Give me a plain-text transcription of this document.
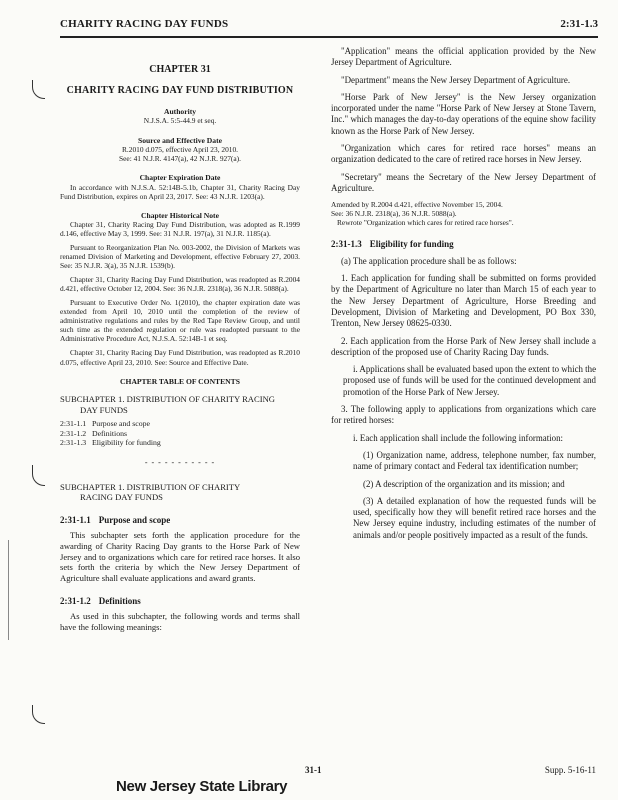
CHARITY RACING DAY FUNDS	2:31-1.3
CHAPTER 31
CHARITY RACING DAY FUND DISTRIBUTION
Authority

N.J.S.A. 5:5-44.9 et seq.

Source and Effective Date

R.2010 d.075, effective April 23, 2010.

See: 41 N.J.R. 4147(a), 42 N.J.R. 927(a).

Chapter Expiration Date

In accordance with N.J.S.A. 52:14B-5.1b, Chapter 31, Charity Racing Day Fund Distribution, expires on April 23, 2017. See: 43 N.J.R. 1203(a).

Chapter Historical Note

Chapter 31, Charity Racing Day Fund Distribution, was adopted as R.1999 d.146, effective May 3, 1999. See: 31 N.J.R. 197(a), 31 N.J.R. 1185(a).

Pursuant to Reorganization Plan No. 003-2002, the Division of Markets was renamed Division of Marketing and Development, effective February 27, 2003. See: 35 N.J.R. 3(a), 35 N.J.R. 1539(b).

Chapter 31, Charity Racing Day Fund Distribution, was readopted as R.2004 d.421, effective October 12, 2004. See: 36 N.J.R. 2318(a), 36 N.J.R. 5088(a).

Pursuant to Executive Order No. 1(2010), the chapter expiration date was extended from April 10, 2010 until the completion of the review of administrative regulations and rules by the Red Tape Review Group, and until such time as the extended regulation or rule was readopted pursuant to the Administrative Procedure Act, N.J.S.A. 52:14B-1 et seq.

Chapter 31, Charity Racing Day Fund Distribution, was readopted as R.2010 d.075, effective April 23, 2010. See: Source and Effective Date.

CHAPTER TABLE OF CONTENTS
SUBCHAPTER 1. DISTRIBUTION OF CHARITY RACING
DAY FUNDS
2:31-1.1 Purpose and scope
2:31-1.2 Definitions
2:31-1.3 Eligibility for funding
- - - - - - - - - - -
SUBCHAPTER 1. DISTRIBUTION OF CHARITY
RACING DAY FUNDS
2:31-1.1 Purpose and scope

This subchapter sets forth the application procedure for the awarding of Charity Racing Day grants to the Horse Park of New Jersey and to organizations which care for retired race horses. It also sets forth the criteria by which the New Jersey Department of Agriculture shall evaluate applications and award grants.

2:31-1.2 Definitions

As used in this subchapter, the following words and terms shall have the following meanings:

"Application" means the official application provided by the New Jersey Department of Agriculture.

"Department" means the New Jersey Department of Agriculture.

"Horse Park of New Jersey" is the New Jersey organization incorporated under the name "Horse Park of New Jersey at Stone Tavern, Inc." which manages the day-to-day operations of the equine show facility known as the Horse Park of New Jersey.

"Organization which cares for retired race horses" means an organization dedicated to the care of retired race horses in New Jersey.

"Secretary" means the Secretary of the New Jersey Department of Agriculture.

Amended by R.2004 d.421, effective November 15, 2004.

See: 36 N.J.R. 2318(a), 36 N.J.R. 5088(a).

Rewrote "Organization which cares for retired race horses".

2:31-1.3 Eligibility for funding

(a) The application procedure shall be as follows:

1. Each application for funding shall be submitted on forms provided by the Department of Agriculture no later than March 15 of each year to the New Jersey Department of Agriculture, Horse Breeding and Development, Division of Marketing and Development, PO Box 330, Trenton, New Jersey 08625-0330.

2. Each application from the Horse Park of New Jersey shall include a description of the proposed use of Charity Racing Day funds.

i. Applications shall be evaluated based upon the extent to which the proposed use of funds will be used for the continued development and promotion of the Horse Park of New Jersey.

3. The following apply to applications from organizations which care for retired horses:

i. Each application shall include the following information:

(1) Organization name, address, telephone number, fax number, name of primary contact and Federal tax identification number;

(2) A description of the organization and its mission; and

(3) A detailed explanation of how the requested funds will be used, specifically how they will benefit retired race horses and the New Jersey equine industry, including estimates of the number of animals and/or people positively impacted as a result of the funds.

31-1	Supp. 5-16-11
New Jersey State Library
